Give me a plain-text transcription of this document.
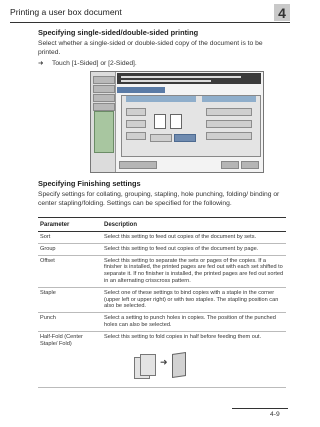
Printing a user box document	4
Specifying single-sided/double-sided printing
Select whether a single-sided or double-sided copy of the document is to be printed.
➜ Touch [1-Sided] or [2-Sided].
Specifying Finishing settings
Specify settings for collating, grouping, stapling, hole punching, folding/ binding or center stapling/folding. Settings can be specified for the following.
Parameter	Description
Sort	Select this setting to feed out copies of the document by sets.
Group	Select this setting to feed out copies of the document by page.
Offset	Select this setting to separate the sets or pages of the copies. If a finisher is installed, the printed pages are fed out with each set shifted to separate it. If no finisher is installed, the printed pages are fed out sorted in an alternating crisscross pattern.
Staple	Select one of these settings to bind copies with a staple in the corner (upper left or upper right) or with two staples. The stapling position can also be selected.
Punch	Select a setting to punch holes in copies. The position of the punched holes can also be selected.
Half-Fold (Center Staple/ Fold)	Select this setting to fold copies in half before feeding them out.
➜
4-9
